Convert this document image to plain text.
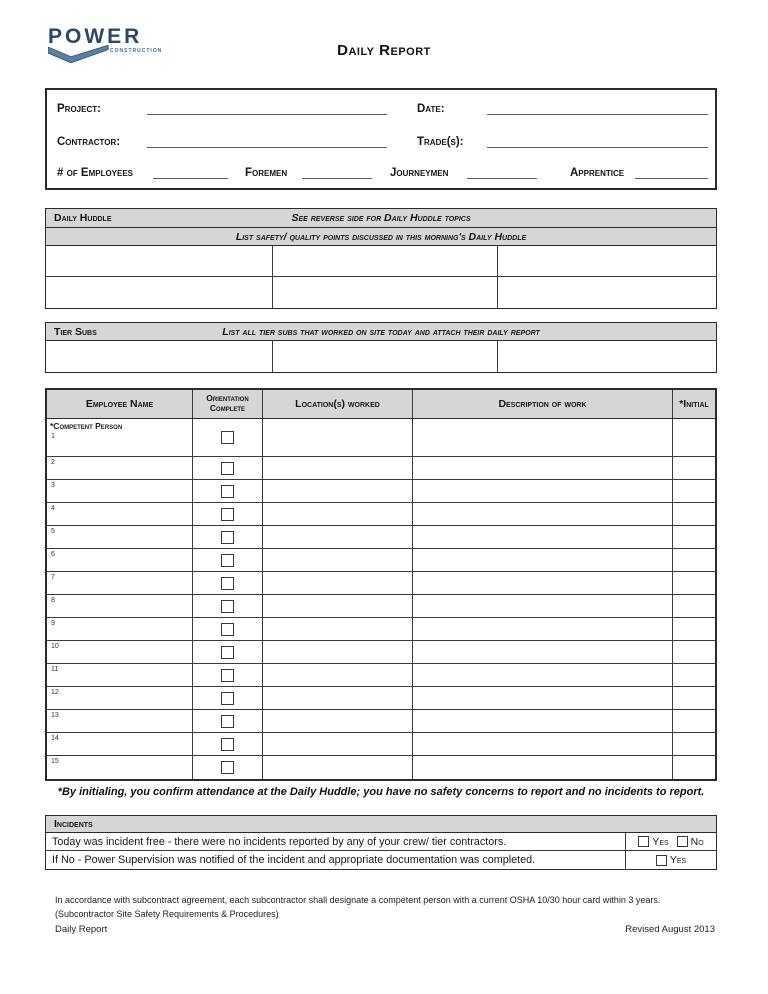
POWER
CONSTRUCTION	Daily Report
Project:	Date:
Contractor:	Trade(s):
# of Employees	Foremen	Journeymen	Apprentice
See reverse side for Daily Huddle topics
Daily Huddle
List safety/ quality points discussed in this morning's Daily Huddle
List all tier subs that worked on site today and attach their daily report
Tier Subs
Employee Name	Orientation Complete	Location(s) worked	Description of work	*Initial
*Competent Person
1
2
3
4
5
6
7
8
9
10
11
12
13
14
15
*By initialing, you confirm attendance at the Daily Huddle; you have no safety concerns to report and no incidents to report.
Incidents
Today was incident free - there were no incidents reported by any of your crew/ tier contractors.	Yes No
If No - Power Supervision was notified of the incident and appropriate documentation was completed.	Yes
In accordance with subcontract agreement, each subcontractor shall designate a competent person with a current OSHA 10/30 hour card within 3 years.
(Subcontractor Site Safety Requirements & Procedures)
Daily Report	Revised August 2013
